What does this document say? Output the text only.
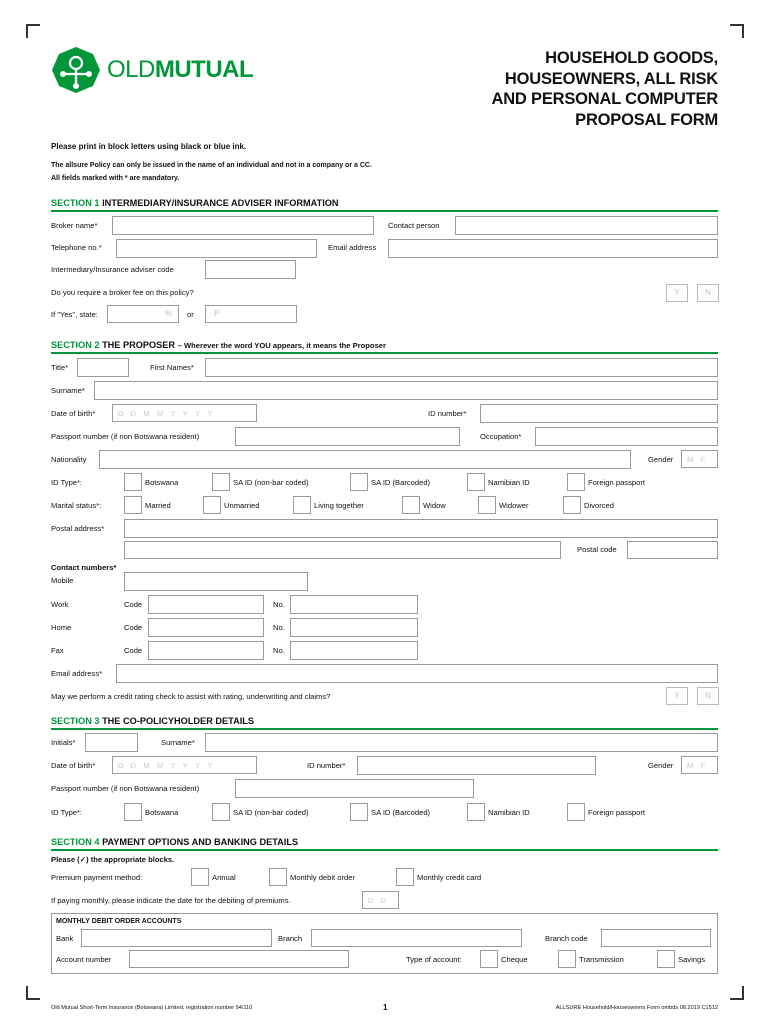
OLDMUTUAL	HOUSEHOLD GOODS,
HOUSEOWNERS, ALL RISK
AND PERSONAL COMPUTER
PROPOSAL FORM
Please print in block letters using black or blue ink.
The allsure Policy can only be issued in the name of an individual and not in a company or a CC.
All fields marked with * are mandatory.
SECTION 1 INTERMEDIARY/INSURANCE ADVISER INFORMATION
Broker name*	Contact person
Telephone no.*	Email address
Intermediary/Insurance adviser code
Do you require a broker fee on this policy?	Y	N
If "Yes", state:	% or	P
SECTION 2 THE PROPOSER – Wherever the word YOU appears, it means the Proposer
Title*	First Names*
Surname*
Date of birth*	DDMMYYYY	ID number*
Passport number (if non Botswana resident)	Occupation*
Nationality	Gender	MF
ID Type*:	Botswana	SA ID (non-bar coded)	SA ID (Barcoded)	Namibian ID	Foreign passport
Marital status*:	Married	Unmarried	Living together	Widow	Widower	Divorced
Postal address*
Postal code
Contact numbers*
Mobile
Work	Code	No.
Home	Code	No.
Fax	Code	No.
Email address*
May we perform a credit rating check to assist with rating, underwriting and claims?	Y	N
SECTION 3 THE CO-POLICYHOLDER DETAILS
Initials*	Surname*
Date of birth*	DDMMYYYY	ID number*	Gender	MF
Passport number (if non Botswana resident)
ID Type*:	Botswana	SA ID (non-bar coded)	SA ID (Barcoded)	Namibian ID	Foreign passport
SECTION 4 PAYMENT OPTIONS AND BANKING DETAILS
Please (✓) the appropriate blocks.
Premium payment method:	Annual	Monthly debit order	Monthly credit card
If paying monthly, please indicate the date for the debiting of premiums.	DD
MONTHLY DEBIT ORDER ACCOUNTS
Bank	Branch	Branch code
Account number	Type of account:	Cheque	Transmission	Savings
Old Mutual Short-Term Insurance (Botswana) Limited, registration number 94/110	1	ALLSURE Household/Houseowners Form ombds 08.2019 C1512
